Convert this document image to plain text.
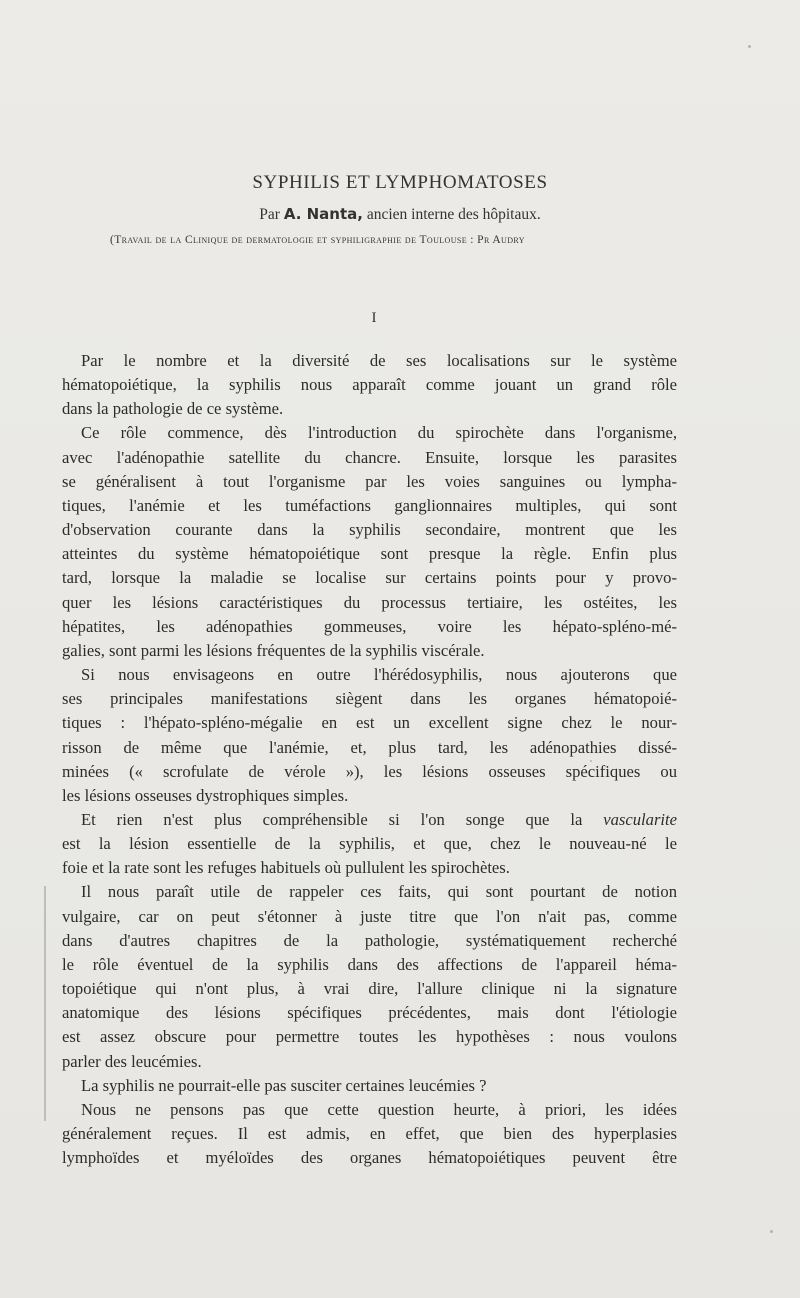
SYPHILIS ET LYMPHOMATOSES
Par A. Nanta, ancien interne des hôpitaux.
(Travail de la Clinique de dermatologie et syphiligraphie de Toulouse : Pr Audry
I
Par le nombre et la diversité de ses localisations sur le système
hématopoiétique, la syphilis nous apparaît comme jouant un grand rôle
dans la pathologie de ce système.
Ce rôle commence, dès l'introduction du spirochète dans l'organisme,
avec l'adénopathie satellite du chancre. Ensuite, lorsque les parasites
se généralisent à tout l'organisme par les voies sanguines ou lympha-
tiques, l'anémie et les tuméfactions ganglionnaires multiples, qui sont
d'observation courante dans la syphilis secondaire, montrent que les
atteintes du système hématopoiétique sont presque la règle. Enfin plus
tard, lorsque la maladie se localise sur certains points pour y provo-
quer les lésions caractéristiques du processus tertiaire, les ostéites, les
hépatites, les adénopathies gommeuses, voire les hépato-spléno-mé-
galies, sont parmi les lésions fréquentes de la syphilis viscérale.
Si nous envisageons en outre l'hérédosyphilis, nous ajouterons que
ses principales manifestations siègent dans les organes hématopoié-
tiques : l'hépato-spléno-mégalie en est un excellent signe chez le nour-
risson de même que l'anémie, et, plus tard, les adénopathies dissé-
minées (« scrofulate de vérole »), les lésions osseuses spécifiques ou
les lésions osseuses dystrophiques simples.
Et rien n'est plus compréhensible si l'on songe que la vascularite
est la lésion essentielle de la syphilis, et que, chez le nouveau-né le
foie et la rate sont les refuges habituels où pullulent les spirochètes.
Il nous paraît utile de rappeler ces faits, qui sont pourtant de notion
vulgaire, car on peut s'étonner à juste titre que l'on n'ait pas, comme
dans d'autres chapitres de la pathologie, systématiquement recherché
le rôle éventuel de la syphilis dans des affections de l'appareil héma-
topoiétique qui n'ont plus, à vrai dire, l'allure clinique ni la signature
anatomique des lésions spécifiques précédentes, mais dont l'étiologie
est assez obscure pour permettre toutes les hypothèses : nous voulons
parler des leucémies.
La syphilis ne pourrait-elle pas susciter certaines leucémies ?
Nous ne pensons pas que cette question heurte, à priori, les idées
généralement reçues. Il est admis, en effet, que bien des hyperplasies
lymphoïdes et myéloïdes des organes hématopoiétiques peuvent être
